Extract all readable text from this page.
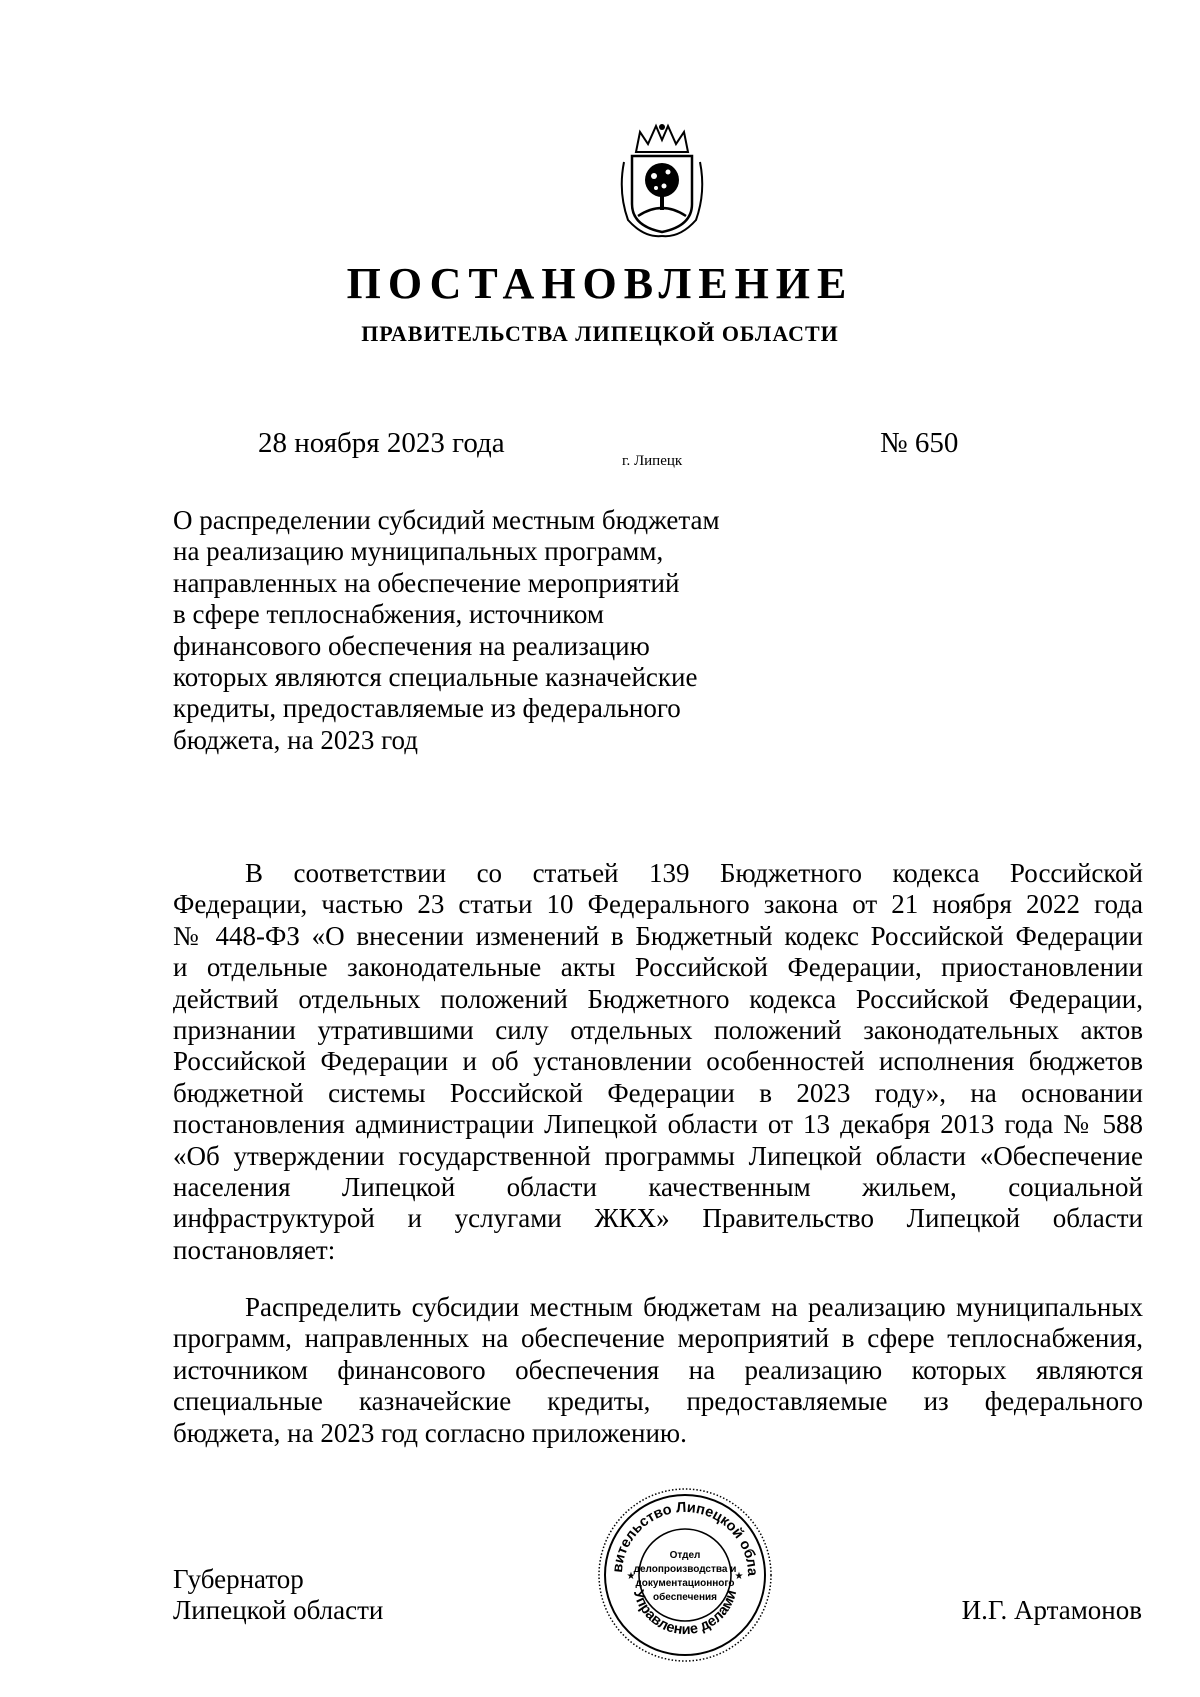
ПОСТАНОВЛЕНИЕ
ПРАВИТЕЛЬСТВА ЛИПЕЦКОЙ ОБЛАСТИ
28 ноября 2023 года
г. Липецк
№ 650
О распределении субсидий местным бюджетам
на реализацию муниципальных программ,
направленных на обеспечение мероприятий
в сфере теплоснабжения, источником
финансового обеспечения на реализацию
которых являются специальные казначейские
кредиты, предоставляемые из федерального
бюджета, на 2023 год
В соответствии со статьей 139 Бюджетного кодекса Российской
Федерации, частью 23 статьи 10 Федерального закона от 21 ноября 2022 года
№ 448-ФЗ «О внесении изменений в Бюджетный кодекс Российской Федерации
и отдельные законодательные акты Российской Федерации, приостановлении
действий отдельных положений Бюджетного кодекса Российской Федерации,
признании утратившими силу отдельных положений законодательных актов
Российской Федерации и об установлении особенностей исполнения бюджетов
бюджетной системы Российской Федерации в 2023 году», на основании
постановления администрации Липецкой области от 13 декабря 2013 года № 588
«Об утверждении государственной программы Липецкой области «Обеспечение
населения Липецкой области качественным жильем, социальной
инфраструктурой и услугами ЖКХ» Правительство Липецкой области
постановляет:
Распределить субсидии местным бюджетам на реализацию муниципальных
программ, направленных на обеспечение мероприятий в сфере теплоснабжения,
источником финансового обеспечения на реализацию которых являются
специальные казначейские кредиты, предоставляемые из федерального
бюджета, на 2023 год согласно приложению.
Губернатор
Липецкой области	И.Г. Артамонов
вительство Липецкой обла
Управление делами
★	★
Отдел
делопроизводства и
документационного
обеспечения
